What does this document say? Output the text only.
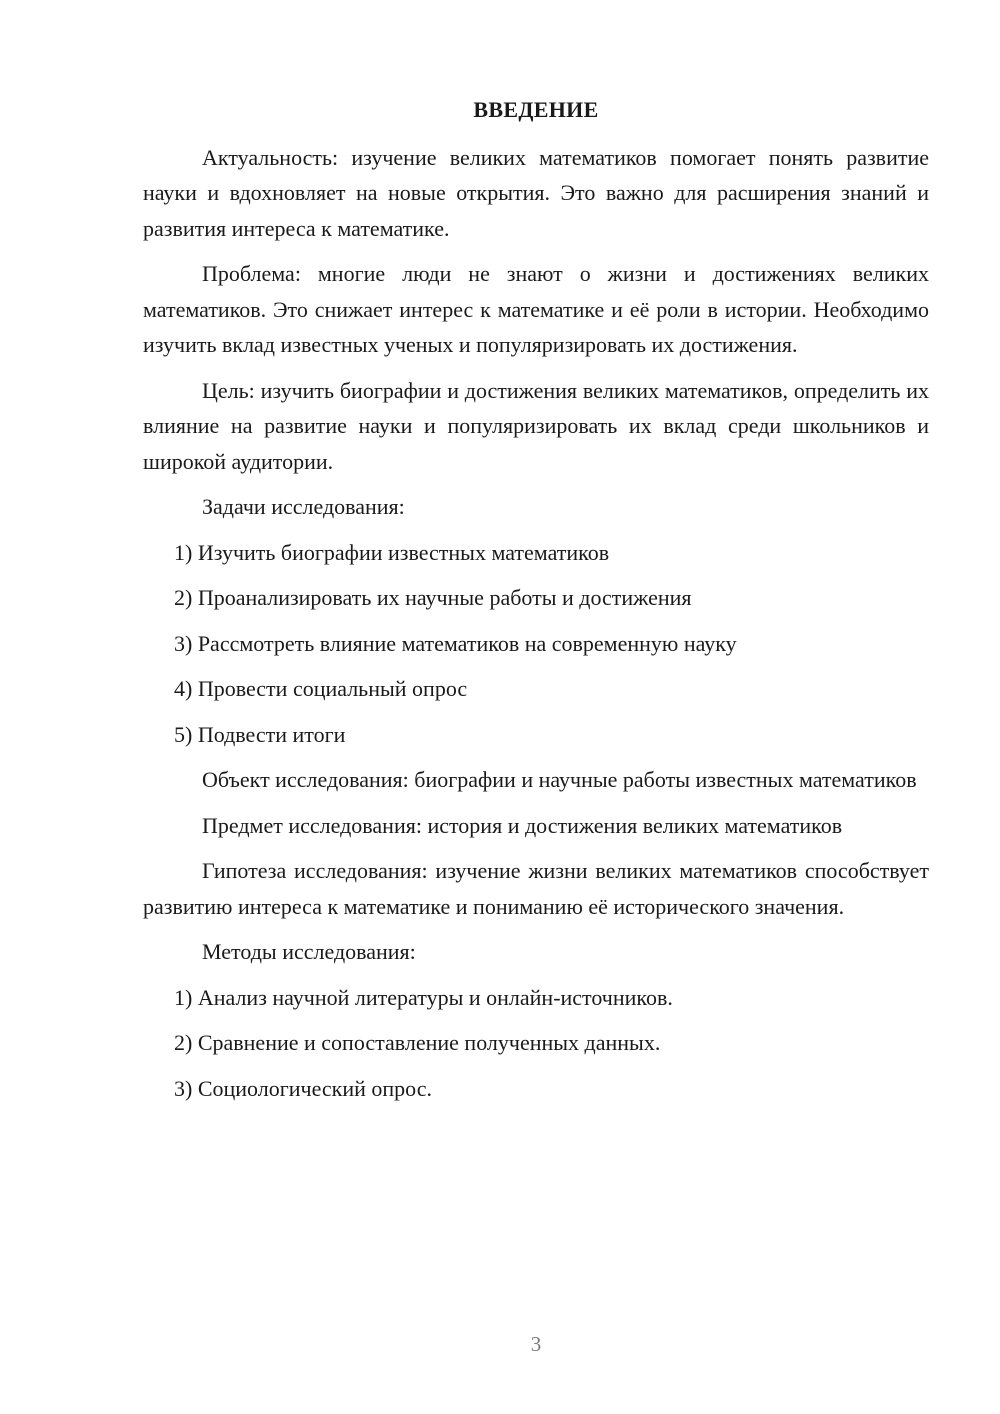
ВВЕДЕНИЕ

Актуальность: изучение великих математиков помогает понять развитие науки и вдохновляет на новые открытия. Это важно для расширения знаний и развития интереса к математике.

Проблема: многие люди не знают о жизни и достижениях великих математиков. Это снижает интерес к математике и её роли в истории. Необходимо изучить вклад известных ученых и популяризировать их достижения.

Цель: изучить биографии и достижения великих математиков, определить их влияние на развитие науки и популяризировать их вклад среди школьников и широкой аудитории.

Задачи исследования:

1) Изучить биографии известных математиков
2) Проанализировать их научные работы и достижения
3) Рассмотреть влияние математиков на современную науку
4) Провести социальный опрос
5) Подвести итоги

Объект исследования: биографии и научные работы известных математиков

Предмет исследования: история и достижения великих математиков

Гипотеза исследования: изучение жизни великих математиков способствует развитию интереса к математике и пониманию её исторического значения.

Методы исследования:

1) Анализ научной литературы и онлайн-источников.
2) Сравнение и сопоставление полученных данных.
3) Социологический опрос.
3
